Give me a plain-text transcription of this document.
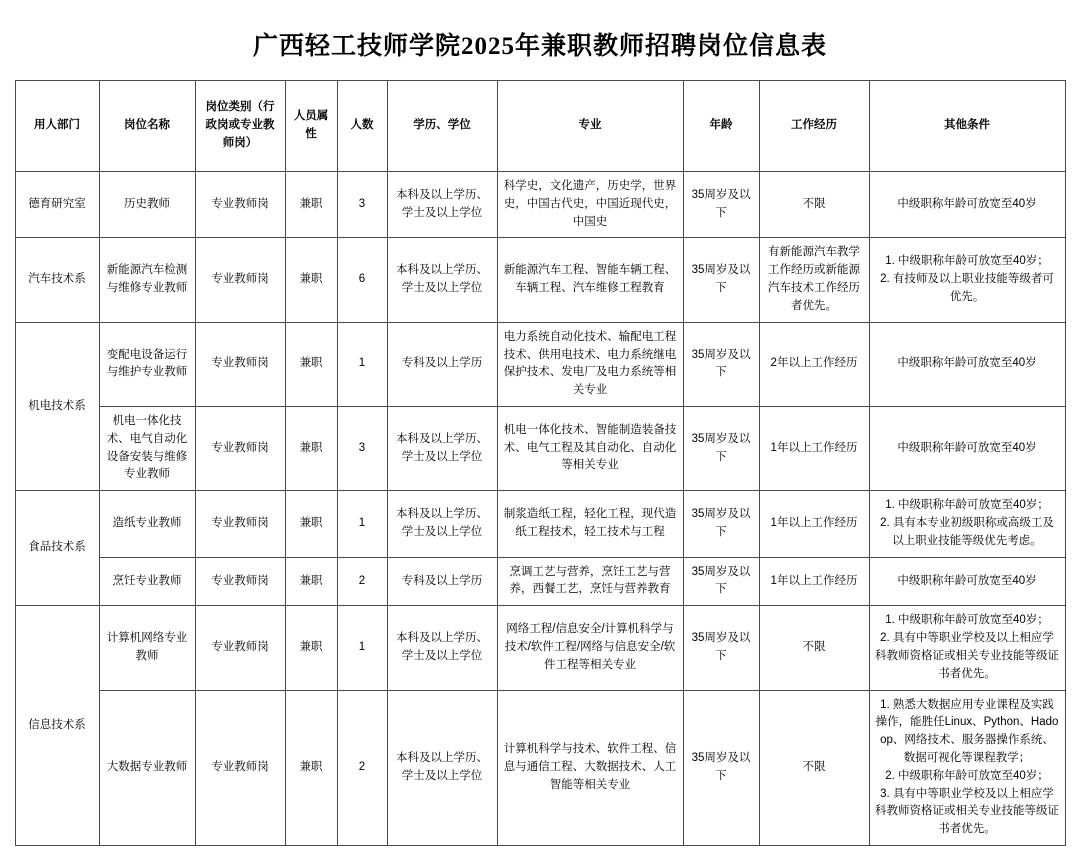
广西轻工技师学院2025年兼职教师招聘岗位信息表
用人部门	岗位名称	岗位类别（行政岗或专业教师岗）	人员属性	人数	学历、学位	专业	年龄	工作经历	其他条件
德育研究室	历史教师	专业教师岗	兼职	3	本科及以上学历、学士及以上学位	科学史，文化遗产，历史学，世界史，中国古代史，中国近现代史，中国史	35周岁及以下	不限	中级职称年龄可放宽至40岁
汽车技术系	新能源汽车检测与维修专业教师	专业教师岗	兼职	6	本科及以上学历、学士及以上学位	新能源汽车工程、智能车辆工程、车辆工程、汽车维修工程教育	35周岁及以下	有新能源汽车教学工作经历或新能源汽车技术工作经历者优先。	1. 中级职称年龄可放宽至40岁；
2. 有技师及以上职业技能等级者可优先。
机电技术系	变配电设备运行与维护专业教师	专业教师岗	兼职	1	专科及以上学历	电力系统自动化技术、输配电工程技术、供用电技术、电力系统继电保护技术、发电厂及电力系统等相关专业	35周岁及以下	2年以上工作经历	中级职称年龄可放宽至40岁
	机电一体化技术、电气自动化设备安装与维修专业教师	专业教师岗	兼职	3	本科及以上学历、学士及以上学位	机电一体化技术、智能制造装备技术、电气工程及其自动化、自动化等相关专业	35周岁及以下	1年以上工作经历	中级职称年龄可放宽至40岁
食品技术系	造纸专业教师	专业教师岗	兼职	1	本科及以上学历、学士及以上学位	制浆造纸工程，轻化工程，现代造纸工程技术，轻工技术与工程	35周岁及以下	1年以上工作经历	1. 中级职称年龄可放宽至40岁；
2. 具有本专业初级职称或高级工及以上职业技能等级优先考虑。
	烹饪专业教师	专业教师岗	兼职	2	专科及以上学历	烹调工艺与营养，烹饪工艺与营养，西餐工艺，烹饪与营养教育	35周岁及以下	1年以上工作经历	中级职称年龄可放宽至40岁
信息技术系	计算机网络专业教师	专业教师岗	兼职	1	本科及以上学历、学士及以上学位	网络工程/信息安全/计算机科学与技术/软件工程/网络与信息安全/软件工程等相关专业	35周岁及以下	不限	1. 中级职称年龄可放宽至40岁；
2. 具有中等职业学校及以上相应学科教师资格证或相关专业技能等级证书者优先。
	大数据专业教师	专业教师岗	兼职	2	本科及以上学历、学士及以上学位	计算机科学与技术、软件工程、信息与通信工程、大数据技术、人工智能等相关专业	35周岁及以下	不限	1. 熟悉大数据应用专业课程及实践操作，能胜任Linux、Python、Hadoop、网络技术、服务器操作系统、数据可视化等课程教学；
2. 中级职称年龄可放宽至40岁；
3. 具有中等职业学校及以上相应学科教师资格证或相关专业技能等级证书者优先。
